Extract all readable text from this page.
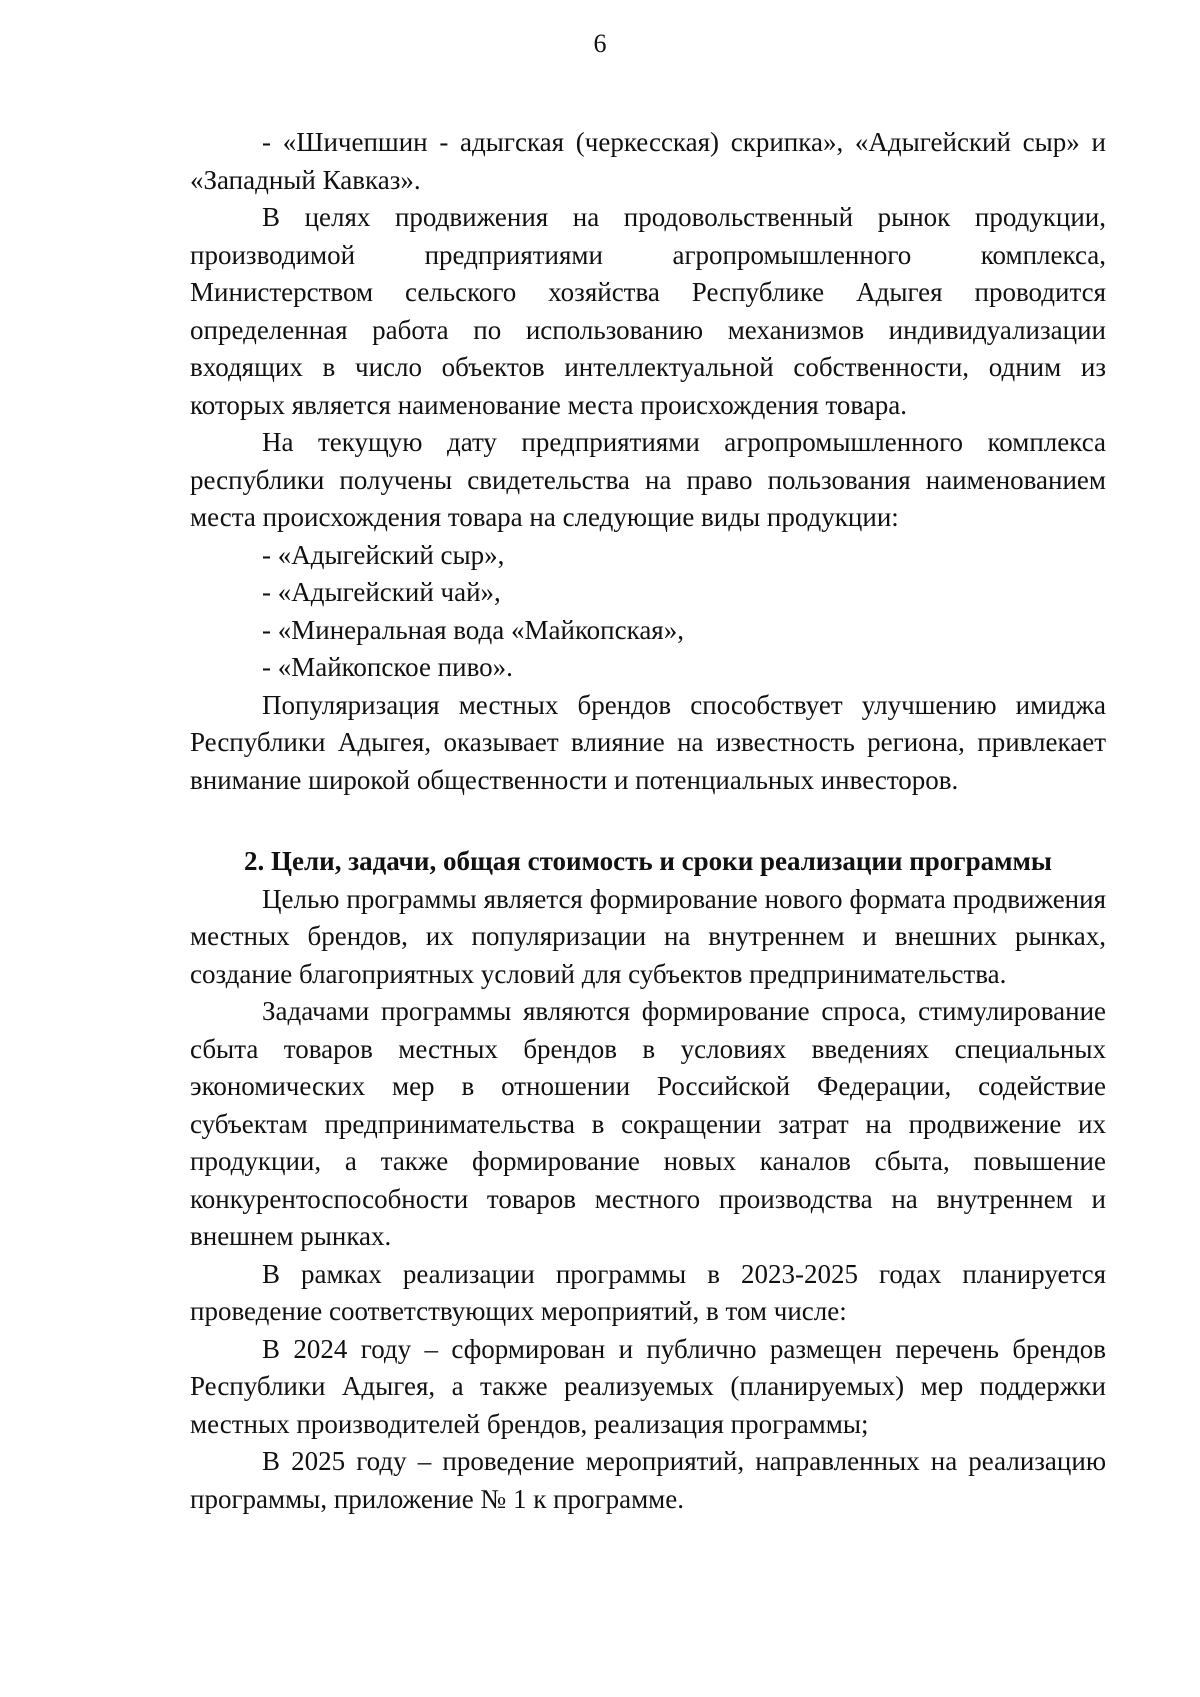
6

- «Шичепшин - адыгская (черкесская) скрипка», «Адыгейский сыр» и «Западный Кавказ».

В целях продвижения на продовольственный рынок продукции, производимой предприятиями агропромышленного комплекса, Министерством сельского хозяйства Республике Адыгея проводится определенная работа по использованию механизмов индивидуализации входящих в число объектов интеллектуальной собственности, одним из которых является наименование места происхождения товара.

На текущую дату предприятиями агропромышленного комплекса республики получены свидетельства на право пользования наименованием места происхождения товара на следующие виды продукции:

- «Адыгейский сыр»,

- «Адыгейский чай»,

- «Минеральная вода «Майкопская»,

- «Майкопское пиво».

Популяризация местных брендов способствует улучшению имиджа Республики Адыгея, оказывает влияние на известность региона, привлекает внимание широкой общественности и потенциальных инвесторов.

2. Цели, задачи, общая стоимость и сроки реализации программы

Целью программы является формирование нового формата продвижения местных брендов, их популяризации на внутреннем и внешних рынках, создание благоприятных условий для субъектов предпринимательства.

Задачами программы являются формирование спроса, стимулирование сбыта товаров местных брендов в условиях введениях специальных экономических мер в отношении Российской Федерации, содействие субъектам предпринимательства в сокращении затрат на продвижение их продукции, а также формирование новых каналов сбыта, повышение конкурентоспособности товаров местного производства на внутреннем и внешнем рынках.

В рамках реализации программы в 2023-2025 годах планируется проведение соответствующих мероприятий, в том числе:

В 2024 году – сформирован и публично размещен перечень брендов Республики Адыгея, а также реализуемых (планируемых) мер поддержки местных производителей брендов, реализация программы;

В 2025 году – проведение мероприятий, направленных на реализацию программы, приложение № 1 к программе.
